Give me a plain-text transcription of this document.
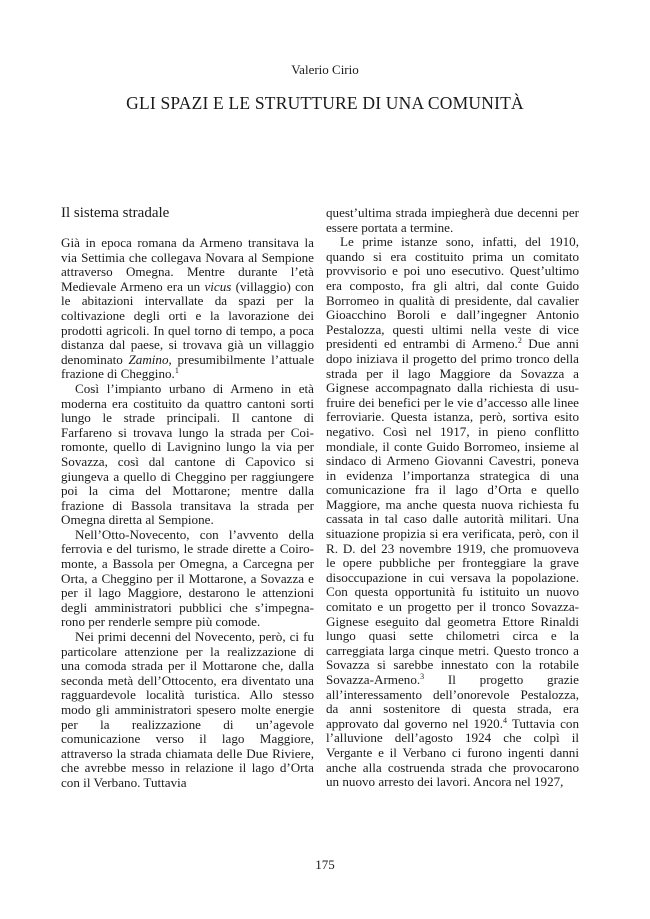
Valerio Cirio
GLI SPAZI E LE STRUTTURE DI UNA COMUNITÀ
Il sistema stradale

Già in epoca romana da Armeno transitava la via Settimia che collegava Novara al Sempione attraverso Omegna. Mentre durante l’età Medievale Armeno era un vicus (villaggio) con le abitazioni intervallate da spazi per la coltivazione degli orti e la lavorazione dei prodotti agricoli. In quel torno di tempo, a poca distanza dal paese, si trovava già un villaggio denominato Zamino, presumibilmente l’attuale frazione di Cheggino.$^1$

Così l’impianto urbano di Armeno in età moderna era costituito da quattro cantoni sorti lungo le strade principali. Il cantone di Farfareno si trovava lungo la strada per Coiromonte, quello di Lavignino lungo la via per Sovazza, così dal cantone di Capovico si giungeva a quello di Cheggino per raggiungere poi la cima del Mottarone; mentre dalla frazione di Bassola transitava la strada per Omegna diretta al Sempione.

Nell’Otto-Novecento, con l’avvento della ferrovia e del turismo, le strade dirette a Coiromonte, a Bassola per Omegna, a Carcegna per Orta, a Cheggino per il Mottarone, a Sovazza e per il lago Maggiore, destarono le attenzioni degli amministratori pubblici che s’impegnarono per renderle sempre più comode.

Nei primi decenni del Novecento, però, ci fu particolare attenzione per la realizzazione di una comoda strada per il Mottarone che, dalla seconda metà dell’Ottocento, era diventato una ragguardevole località turistica. Allo stesso modo gli amministratori spesero molte energie per la realizzazione di un’agevole comunicazione verso il lago Maggiore, attraverso la strada chiamata delle Due Riviere, che avrebbe messo in relazione il lago d’Orta con il Verbano. Tuttavia

quest’ultima strada impiegherà due decenni per essere portata a termine.

Le prime istanze sono, infatti, del 1910, quando si era costituito prima un comitato provvisorio e poi uno esecutivo. Quest’ultimo era composto, fra gli altri, dal conte Guido Borromeo in qualità di presidente, dal cavalier Gioacchino Boroli e dall’ingegner Antonio Pestalozza, questi ultimi nella veste di vice presidenti ed entrambi di Armeno.$^2$ Due anni dopo iniziava il progetto del primo tronco della strada per il lago Maggiore da Sovazza a Gignese accompagnato dalla richiesta di usufruire dei benefici per le vie d’accesso alle linee ferroviarie. Questa istanza, però, sortiva esito negativo. Così nel 1917, in pieno conflitto mondiale, il conte Guido Borromeo, insieme al sindaco di Armeno Giovanni Cavestri, poneva in evidenza l’importanza strategica di una comunicazione fra il lago d’Orta e quello Maggiore, ma anche questa nuova richiesta fu cassata in tal caso dalle autorità militari. Una situazione propizia si era verificata, però, con il R. D. del 23 novembre 1919, che promuoveva le opere pubbliche per fronteggiare la grave disoccupazione in cui versava la popolazione. Con questa opportunità fu istituito un nuovo comitato e un progetto per il tronco Sovazza-Gignese eseguito dal geometra Ettore Rinaldi lungo quasi sette chilometri circa e la carreggiata larga cinque metri. Questo tronco a Sovazza si sarebbe innestato con la rotabile Sovazza-Armeno.$^3$ Il progetto grazie all’interessamento dell’onorevole Pestalozza, da anni sostenitore di questa strada, era approvato dal governo nel 1920.$^4$ Tuttavia con l’alluvione dell’agosto 1924 che colpì il Vergante e il Verbano ci furono ingenti danni anche alla costruenda strada che provocarono un nuovo arresto dei lavori. Ancora nel 1927,

175
